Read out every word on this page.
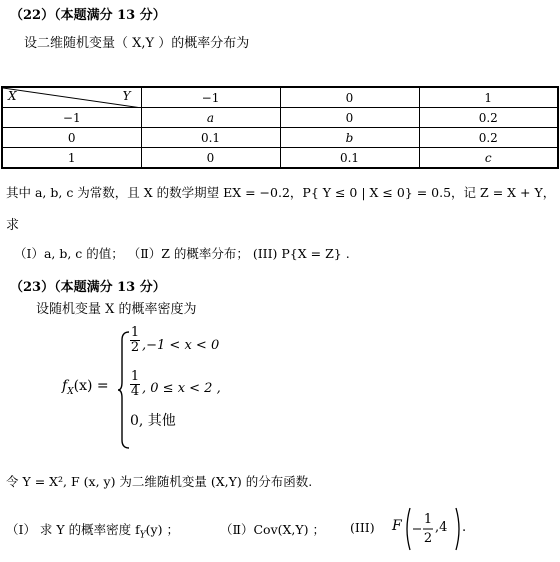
（22）（本题满分 13 分）
设二维随机变量（ X,Y ）的概率分布为
X Y	−1	0	1
−1	a	0	0.2
0	0.1	b	0.2
1	0	0.1	c
其中 a, b, c 为常数，且 X 的数学期望 EX = −0.2，P{ Y ≤ 0 | X ≤ 0} = 0.5，记 Z = X + Y，
求
（Ⅰ）a, b, c 的值； （Ⅱ）Z 的概率分布； (III) P{X = Z} .
（23）（本题满分 13 分）
设随机变量 X 的概率密度为
$f_X(x)$ =
1
2 ,−1 < x < 0
1
4 , 0 ≤ x < 2 ,
0, 其他
令 Y = X², F (x, y) 为二维随机变量 (X,Y) 的分布函数.
（Ⅰ） 求 Y 的概率密度 $f_Y(y)$ ；	（Ⅱ）Cov(X,Y) ； (III) F 1
2
,4 .
